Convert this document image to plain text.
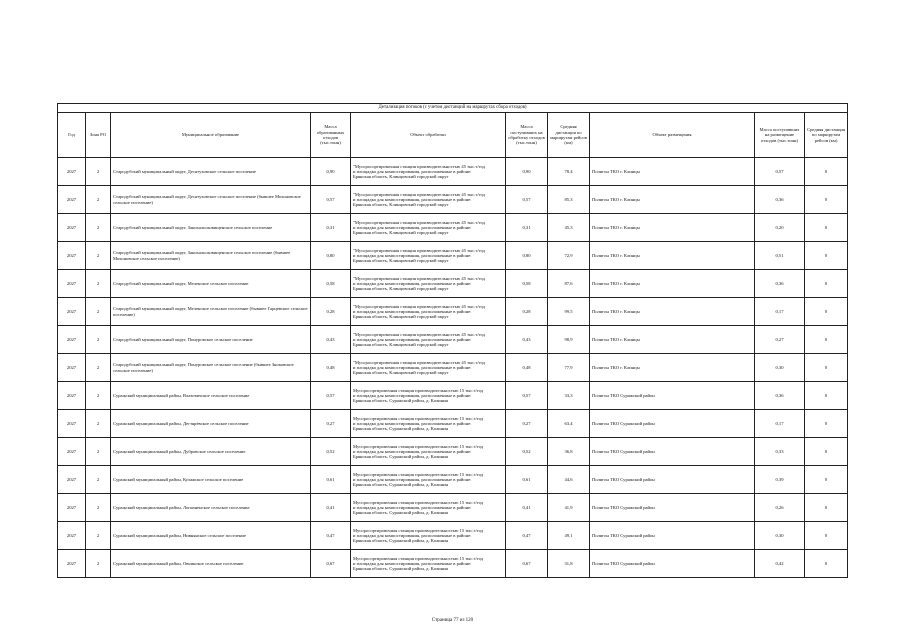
Детализация потоков (с учетом дистанций на маршрутах сбора отходов)									
Год	Зона РО	Муниципальное образование	Масса образованных отходов (тыс.тонн)	Объект обработки	Масса поступивших на обработку отходов (тыс.тонн)	Средняя дистанция по маршрутам рейсов (км)	Объект размещения	Масса поступивших на размещение отходов (тыс.тонн)	Средняя дистанция по маршрутам рейсов (км)
2027	2	Стародубский муниципальный округ, Десятуховское сельское поселение	0,90	"Мусоросортировочная станция производительностью 45 тыс.т/год
и площадка для компостирования, расположенные в районе:
Брянская область, Клинцовский городской округ	0,90	78,4	Полигон ТКО г. Клинцы	0,57	0
2027	2	Стародубский муниципальный округ, Десятуховское сельское поселение (бывшее Мохоновское сельское поселение)	0,57	"Мусоросортировочная станция производительностью 45 тыс.т/год
и площадка для компостирования, расположенные в районе:
Брянская область, Клинцовский городской округ	0,57	85,3	Полигон ТКО г. Клинцы	0,36	0
2027	2	Стародубский муниципальный округ, Занохальсковищенское сельское поселение	0,31	"Мусоросортировочная станция производительностью 45 тыс.т/год
и площадка для компостирования, расположенные в районе:
Брянская область, Клинцовский городской округ	0,31	45,3	Полигон ТКО г. Клинцы	0,20	0
2027	2	Стародубский муниципальный округ, Занохальсковищенское сельское поселение (бывшее Мохоновское сельское поселение)	0,80	"Мусоросортировочная станция производительностью 45 тыс.т/год
и площадка для компостирования, расположенные в районе:
Брянская область, Клинцовский городской округ	0,80	72,9	Полигон ТКО г. Клинцы	0,51	0
2027	2	Стародубский муниципальный округ, Меленское сельское поселение	0,58	"Мусоросортировочная станция производительностью 45 тыс.т/год
и площадка для компостирования, расположенные в районе:
Брянская область, Клинцовский городской округ	0,58	87,6	Полигон ТКО г. Клинцы	0,36	0
2027	2	Стародубский муниципальный округ, Меленское сельское поселение (бывшее Гарцевское сельское поселение)	0,28	"Мусоросортировочная станция производительностью 45 тыс.т/год
и площадка для компостирования, расположенные в районе:
Брянская область, Клинцовский городской округ	0,28	99,5	Полигон ТКО г. Клинцы	0,17	0
2027	2	Стародубский муниципальный округ, Понуровское сельское поселение	0,43	"Мусоросортировочная станция производительностью 45 тыс.т/год
и площадка для компостирования, расположенные в районе:
Брянская область, Клинцовский городской округ	0,43	98,9	Полигон ТКО г. Клинцы	0,27	0
2027	2	Стародубский муниципальный округ, Понуровское сельское поселение (бывшее Зноковское сельское поселение)	0,48	"Мусоросортировочная станция производительностью 45 тыс.т/год
и площадка для компостирования, расположенные в районе:
Брянская область, Клинцовский городской округ	0,48	77,9	Полигон ТКО г. Клинцы	0,30	0
2027	2	Суражский муниципальный район, Влазовичское сельское поселение	0,57	Мусоросортировочная станция производительностью 15 тыс.т/год
и площадка для компостирования, расположенные в районе:
Брянская область, Суражский район, д. Калинин	0,57	33,3	Полигон ТКО Суражский район	0,36	0
2027	2	Суражский муниципальный район, Дегтярёвское сельское поселение	0,27	Мусоросортировочная станция производительностью 15 тыс.т/год
и площадка для компостирования, расположенные в районе:
Брянская область, Суражский район, д. Калинин	0,27	63,4	Полигон ТКО Суражский район	0,17	0
2027	2	Суражский муниципальный район, Дубровское сельское поселение	0,52	Мусоросортировочная станция производительностью 15 тыс.т/год
и площадка для компостирования, расположенные в районе:
Брянская область, Суражский район, д. Калинин	0,52	36,8	Полигон ТКО Суражский район	0,33	0
2027	2	Суражский муниципальный район, Кулажское сельское поселение	0,61	Мусоросортировочная станция производительностью 15 тыс.т/год
и площадка для компостирования, расположенные в районе:
Брянская область, Суражский район, д. Калинин	0,61	44,6	Полигон ТКО Суражский район	0,39	0
2027	2	Суражский муниципальный район, Лопазненское сельское поселение	0,41	Мусоросортировочная станция производительностью 15 тыс.т/год
и площадка для компостирования, расположенные в районе:
Брянская область, Суражский район, д. Калинин	0,41	41,9	Полигон ТКО Суражский район	0,26	0
2027	2	Суражский муниципальный район, Нивнянское сельское поселение	0,47	Мусоросортировочная станция производительностью 15 тыс.т/год
и площадка для компостирования, расположенные в районе:
Брянская область, Суражский район, д. Калинин	0,47	49,1	Полигон ТКО Суражский район	0,30	0
2027	2	Суражский муниципальный район, Овчинское сельское поселение	0,67	Мусоросортировочная станция производительностью 15 тыс.т/год
и площадка для компостирования, расположенные в районе:
Брянская область, Суражский район, д. Калинин	0,67	31,8	Полигон ТКО Суражский район	0,42	0
Страница 77 из 120
